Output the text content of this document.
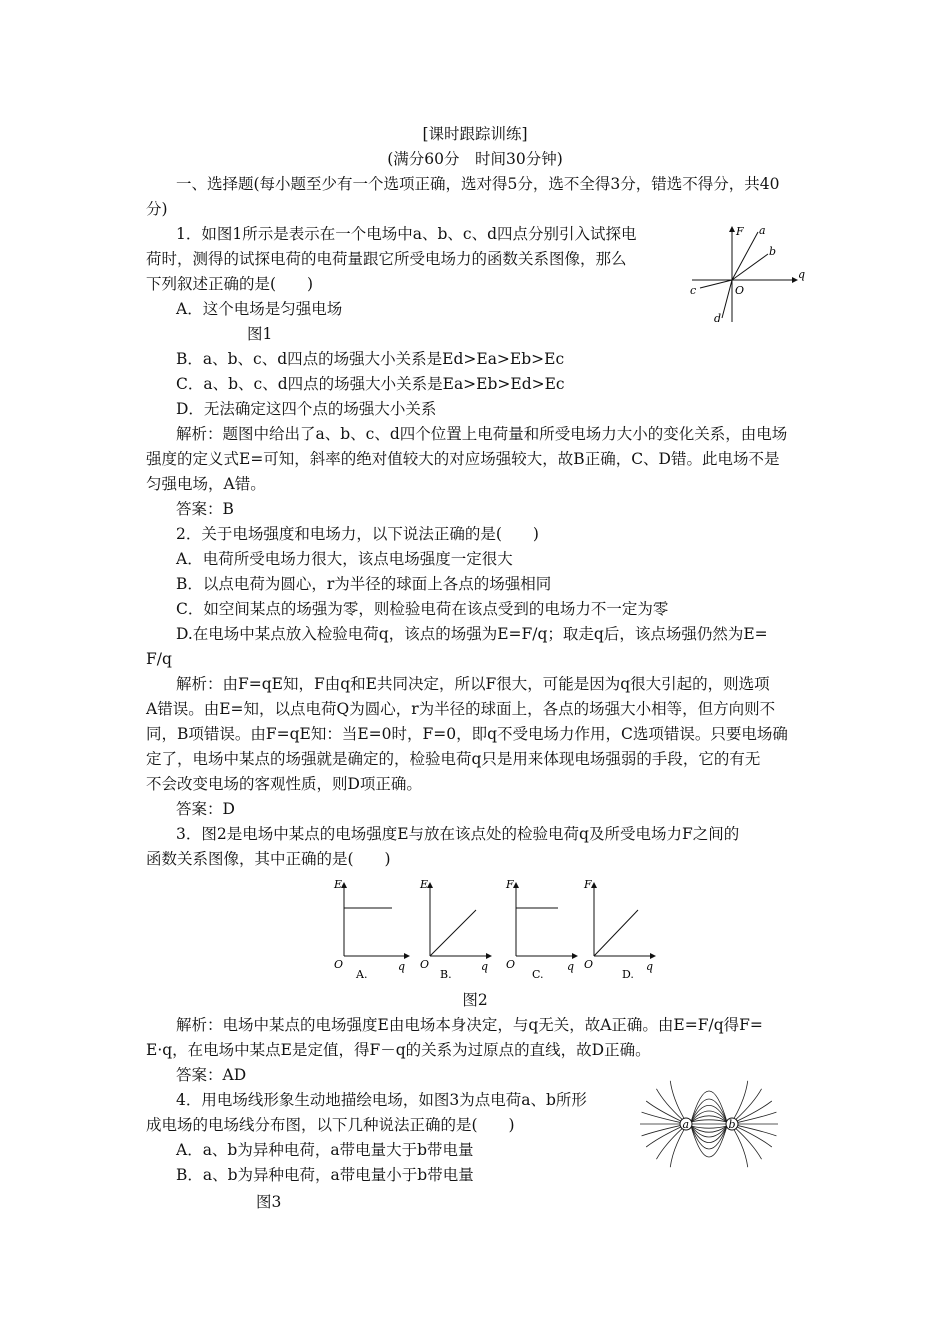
[课时跟踪训练]
(满分60分　时间30分钟)
一、选择题(每小题至少有一个选项正确，选对得5分，选不全得3分，错选不得分，共40
分)
1．如图1所示是表示在一个电场中a、b、c、d四点分别引入试探电
荷时，测得的试探电荷的电荷量跟它所受电场力的函数关系图像，那么
下列叙述正确的是(　　)
A．这个电场是匀强电场
图1
B．a、b、c、d四点的场强大小关系是Ed>Ea>Eb>Ec
C．a、b、c、d四点的场强大小关系是Ea>Eb>Ed>Ec
D．无法确定这四个点的场强大小关系
解析：题图中给出了a、b、c、d四个位置上电荷量和所受电场力大小的变化关系，由电场
强度的定义式E=可知，斜率的绝对值较大的对应场强较大，故B正确，C、D错。此电场不是
匀强电场，A错。
答案：B
F
q
O
a
b
c
d
2．关于电场强度和电场力，以下说法正确的是(　　)
A．电荷所受电场力很大，该点电场强度一定很大
B．以点电荷为圆心，r为半径的球面上各点的场强相同
C．如空间某点的场强为零，则检验电荷在该点受到的电场力不一定为零
D.在电场中某点放入检验电荷q，该点的场强为E=F/q；取走q后，该点场强仍然为E=
F/q
解析：由F=qE知，F由q和E共同决定，所以F很大，可能是因为q很大引起的，则选项
A错误。由E=知，以点电荷Q为圆心，r为半径的球面上，各点的场强大小相等，但方向则不
同，B项错误。由F=qE知：当E=0时，F=0，即q不受电场力作用，C选项错误。只要电场确
定了，电场中某点的场强就是确定的，检验电荷q只是用来体现电场强弱的手段，它的有无
不会改变电场的客观性质，则D项正确。
答案：D
3．图2是电场中某点的电场强度E与放在该点处的检验电荷q及所受电场力F之间的
函数关系图像，其中正确的是(　　)
E
q
O
A.
E
q
O
B.
F
q
O
C.
F
q
O
D.
图2
解析：电场中某点的电场强度E由电场本身决定，与q无关，故A正确。由E=F/q得F=
E·q，在电场中某点E是定值，得F－q的关系为过原点的直线，故D正确。
答案：AD
4．用电场线形象生动地描绘电场，如图3为点电荷a、b所形
成电场的电场线分布图，以下几种说法正确的是(　　)
A．a、b为异种电荷，a带电量大于b带电量
B．a、b为异种电荷，a带电量小于b带电量
图3
a	b
